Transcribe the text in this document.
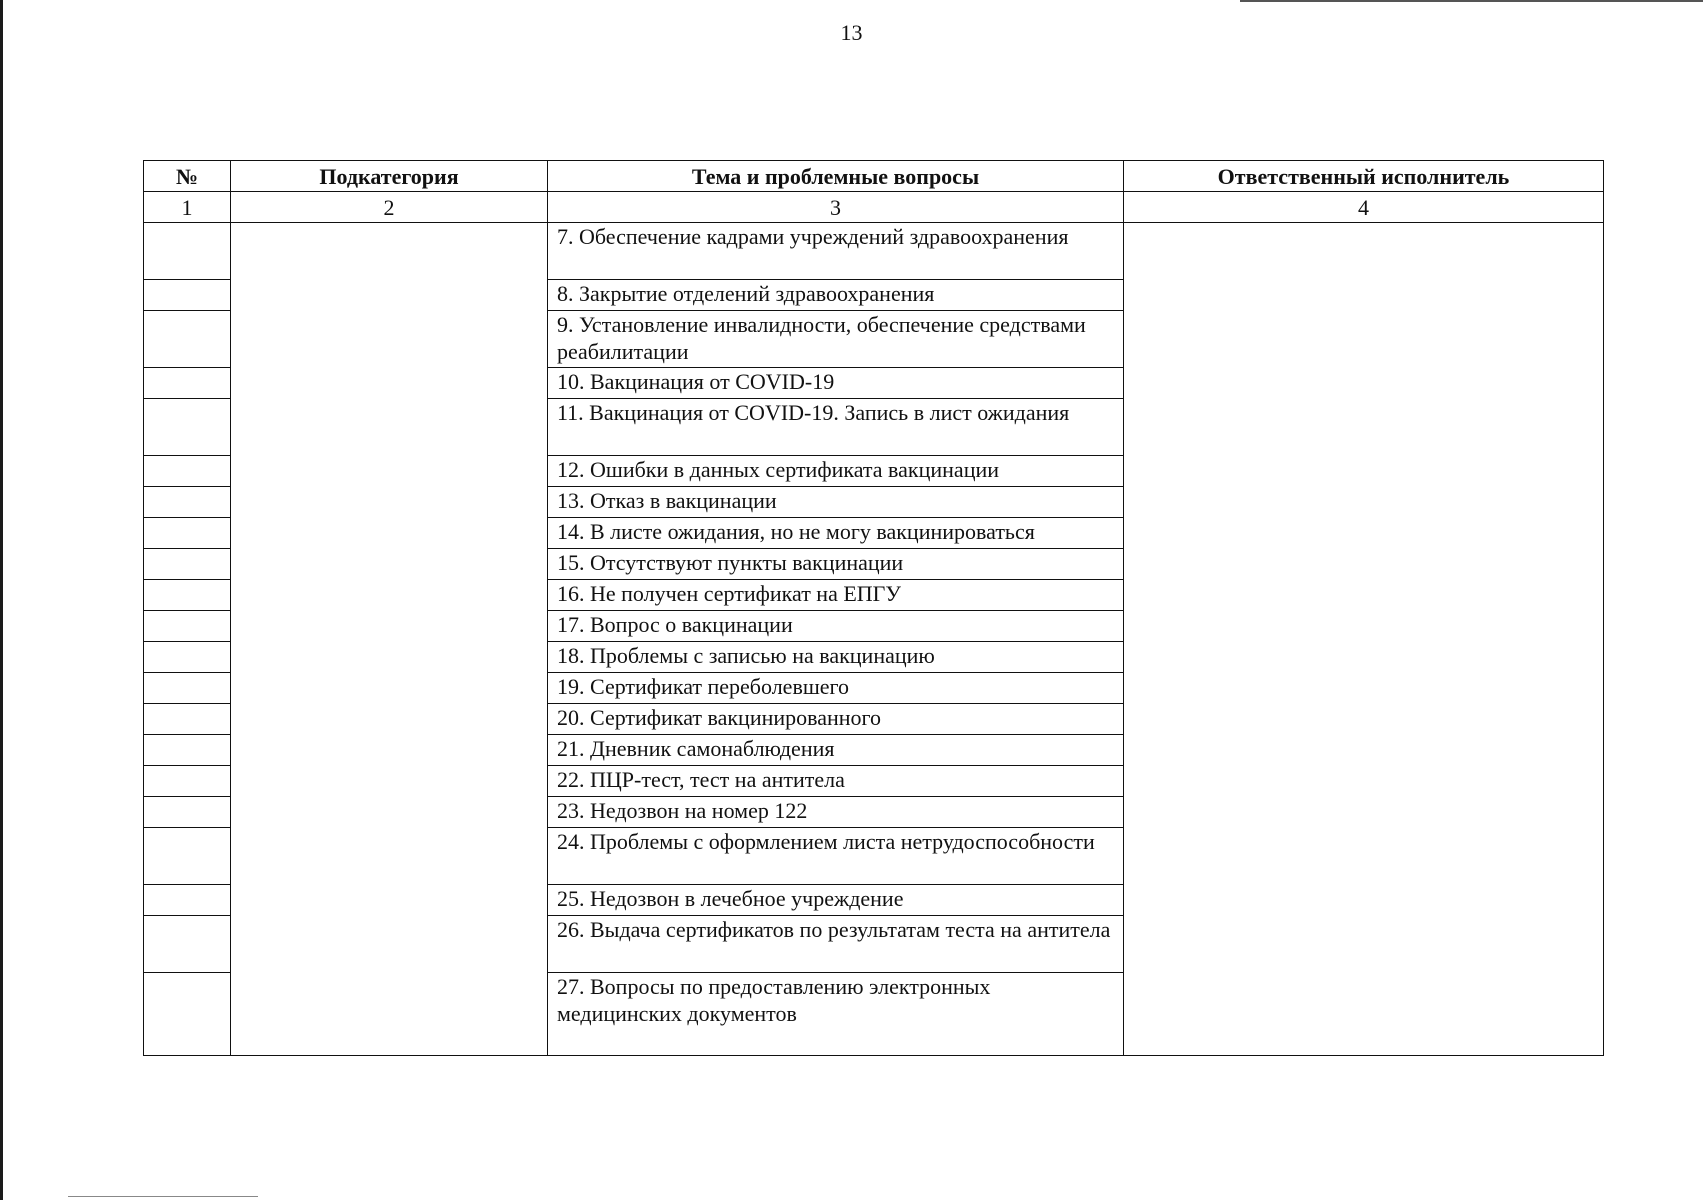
13
№	Подкатегория	Тема и проблемные вопросы	Ответственный исполнитель
1	2	3	4
		7. Обеспечение кадрами учреждений здравоохранения	
		8. Закрытие отделений здравоохранения	
		9. Установление инвалидности, обеспечение средствами реабилитации	
		10. Вакцинация от COVID-19	
		11. Вакцинация от COVID-19. Запись в лист ожидания	
		12. Ошибки в данных сертификата вакцинации	
		13. Отказ в вакцинации	
		14. В листе ожидания, но не могу вакцинироваться	
		15. Отсутствуют пункты вакцинации	
		16. Не получен сертификат на ЕПГУ	
		17. Вопрос о вакцинации	
		18. Проблемы с записью на вакцинацию	
		19. Сертификат переболевшего	
		20. Сертификат вакцинированного	
		21. Дневник самонаблюдения	
		22. ПЦР-тест, тест на антитела	
		23. Недозвон на номер 122	
		24. Проблемы с оформлением листа нетрудоспособности	
		25. Недозвон в лечебное учреждение	
		26. Выдача сертификатов по результатам теста на антитела	
		27. Вопросы по предоставлению электронных медицинских документов	
